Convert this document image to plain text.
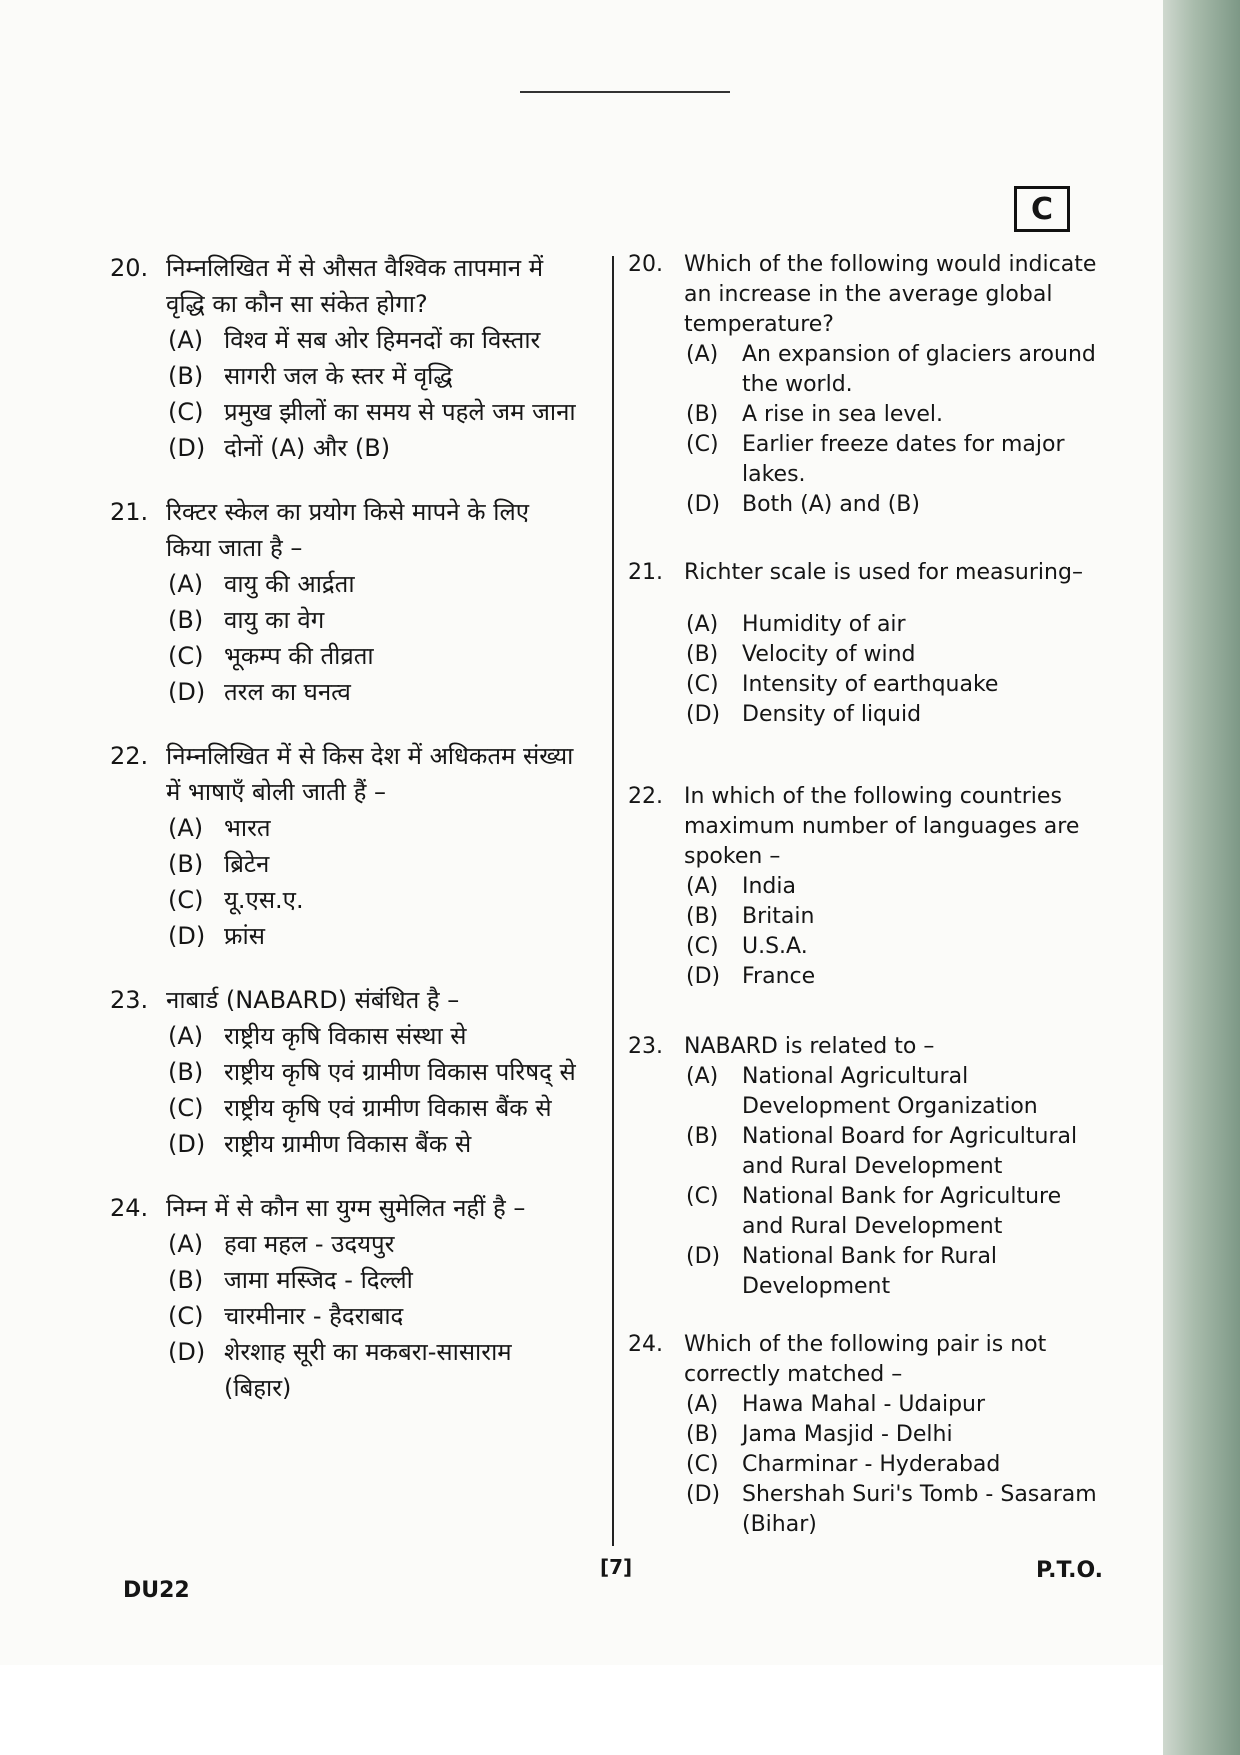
C
20. निम्नलिखित में से औसत वैश्विक तापमान में वृद्धि का कौन सा संकेत होगा?
(A) विश्व में सब ओर हिमनदों का विस्तार
(B) सागरी जल के स्तर में वृद्धि
(C) प्रमुख झीलों का समय से पहले जम जाना
(D) दोनों (A) और (B)
21. रिक्टर स्केल का प्रयोग किसे मापने के लिए किया जाता है –
(A) वायु की आर्द्रता
(B) वायु का वेग
(C) भूकम्प की तीव्रता
(D) तरल का घनत्व
22. निम्नलिखित में से किस देश में अधिकतम संख्या में भाषाएँ बोली जाती हैं –
(A) भारत
(B) ब्रिटेन
(C) यू.एस.ए.
(D) फ्रांस
23. नाबार्ड (NABARD) संबंधित है –
(A) राष्ट्रीय कृषि विकास संस्था से
(B) राष्ट्रीय कृषि एवं ग्रामीण विकास परिषद् से
(C) राष्ट्रीय कृषि एवं ग्रामीण विकास बैंक से
(D) राष्ट्रीय ग्रामीण विकास बैंक से
24. निम्न में से कौन सा युग्म सुमेलित नहीं है –
(A) हवा महल - उदयपुर
(B) जामा मस्जिद - दिल्ली
(C) चारमीनार - हैदराबाद
(D) शेरशाह सूरी का मकबरा-सासाराम (बिहार)
20. Which of the following would indicate an increase in the average global temperature?
(A)	An expansion of glaciers around the world.
(B)	A rise in sea level.
(C)	Earlier freeze dates for major lakes.
(D) Both (A) and (B)
21. Richter scale is used for measuring–
(A)	Humidity of air
(B)	Velocity of wind
(C)	Intensity of earthquake
(D) Density of liquid
22. In which of the following countries maximum number of languages are spoken –
(A)	India
(B)	Britain
(C)	U.S.A.
(D) France
23. NABARD is related to –
(A)	National Agricultural Development Organization
(B)	National Board for Agricultural and Rural Development
(C)	National Bank for Agriculture and Rural Development
(D) National Bank for Rural Development
24. Which of the following pair is not correctly matched –
(A)	Hawa Mahal - Udaipur
(B)	Jama Masjid - Delhi
(C)	Charminar - Hyderabad
(D) Shershah Suri's Tomb - Sasaram (Bihar)
DU22
[7]	P.T.O.
